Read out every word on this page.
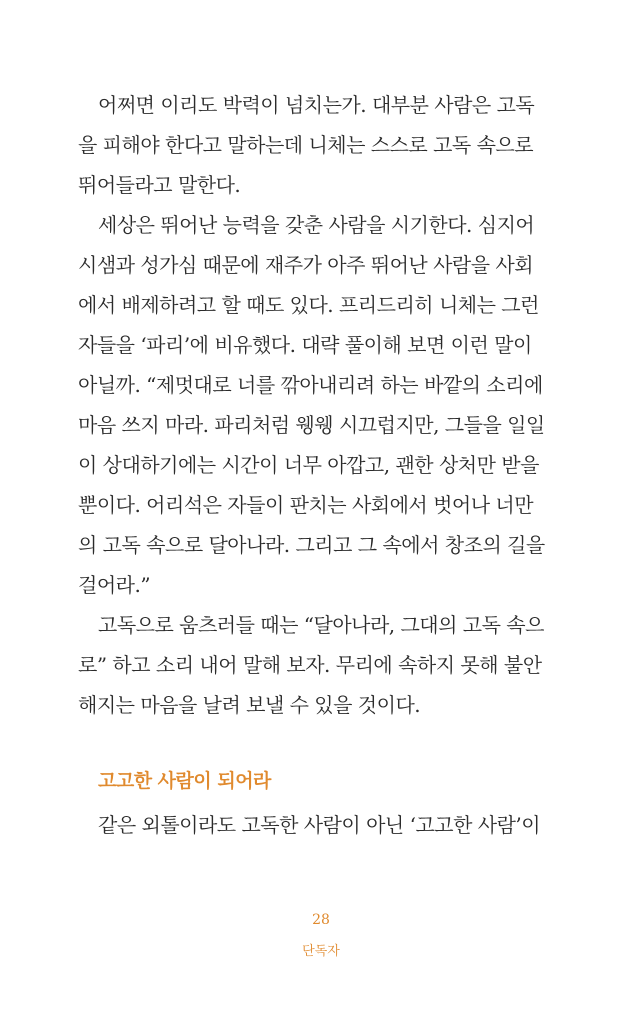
어쩌면 이리도 박력이 넘치는가. 대부분 사람은 고독
을 피해야 한다고 말하는데 니체는 스스로 고독 속으로
뛰어들라고 말한다.
세상은 뛰어난 능력을 갖춘 사람을 시기한다. 심지어
시샘과 성가심 때문에 재주가 아주 뛰어난 사람을 사회
에서 배제하려고 할 때도 있다. 프리드리히 니체는 그런
자들을 ‘파리’에 비유했다. 대략 풀이해 보면 이런 말이
아닐까. “제멋대로 너를 깎아내리려 하는 바깥의 소리에
마음 쓰지 마라. 파리처럼 웽웽 시끄럽지만, 그들을 일일
이 상대하기에는 시간이 너무 아깝고, 괜한 상처만 받을
뿐이다. 어리석은 자들이 판치는 사회에서 벗어나 너만
의 고독 속으로 달아나라. 그리고 그 속에서 창조의 길을
걸어라.”
고독으로 움츠러들 때는 “달아나라, 그대의 고독 속으
로” 하고 소리 내어 말해 보자. 무리에 속하지 못해 불안
해지는 마음을 날려 보낼 수 있을 것이다.
고고한 사람이 되어라
같은 외톨이라도 고독한 사람이 아닌 ‘고고한 사람’이
28
단독자
